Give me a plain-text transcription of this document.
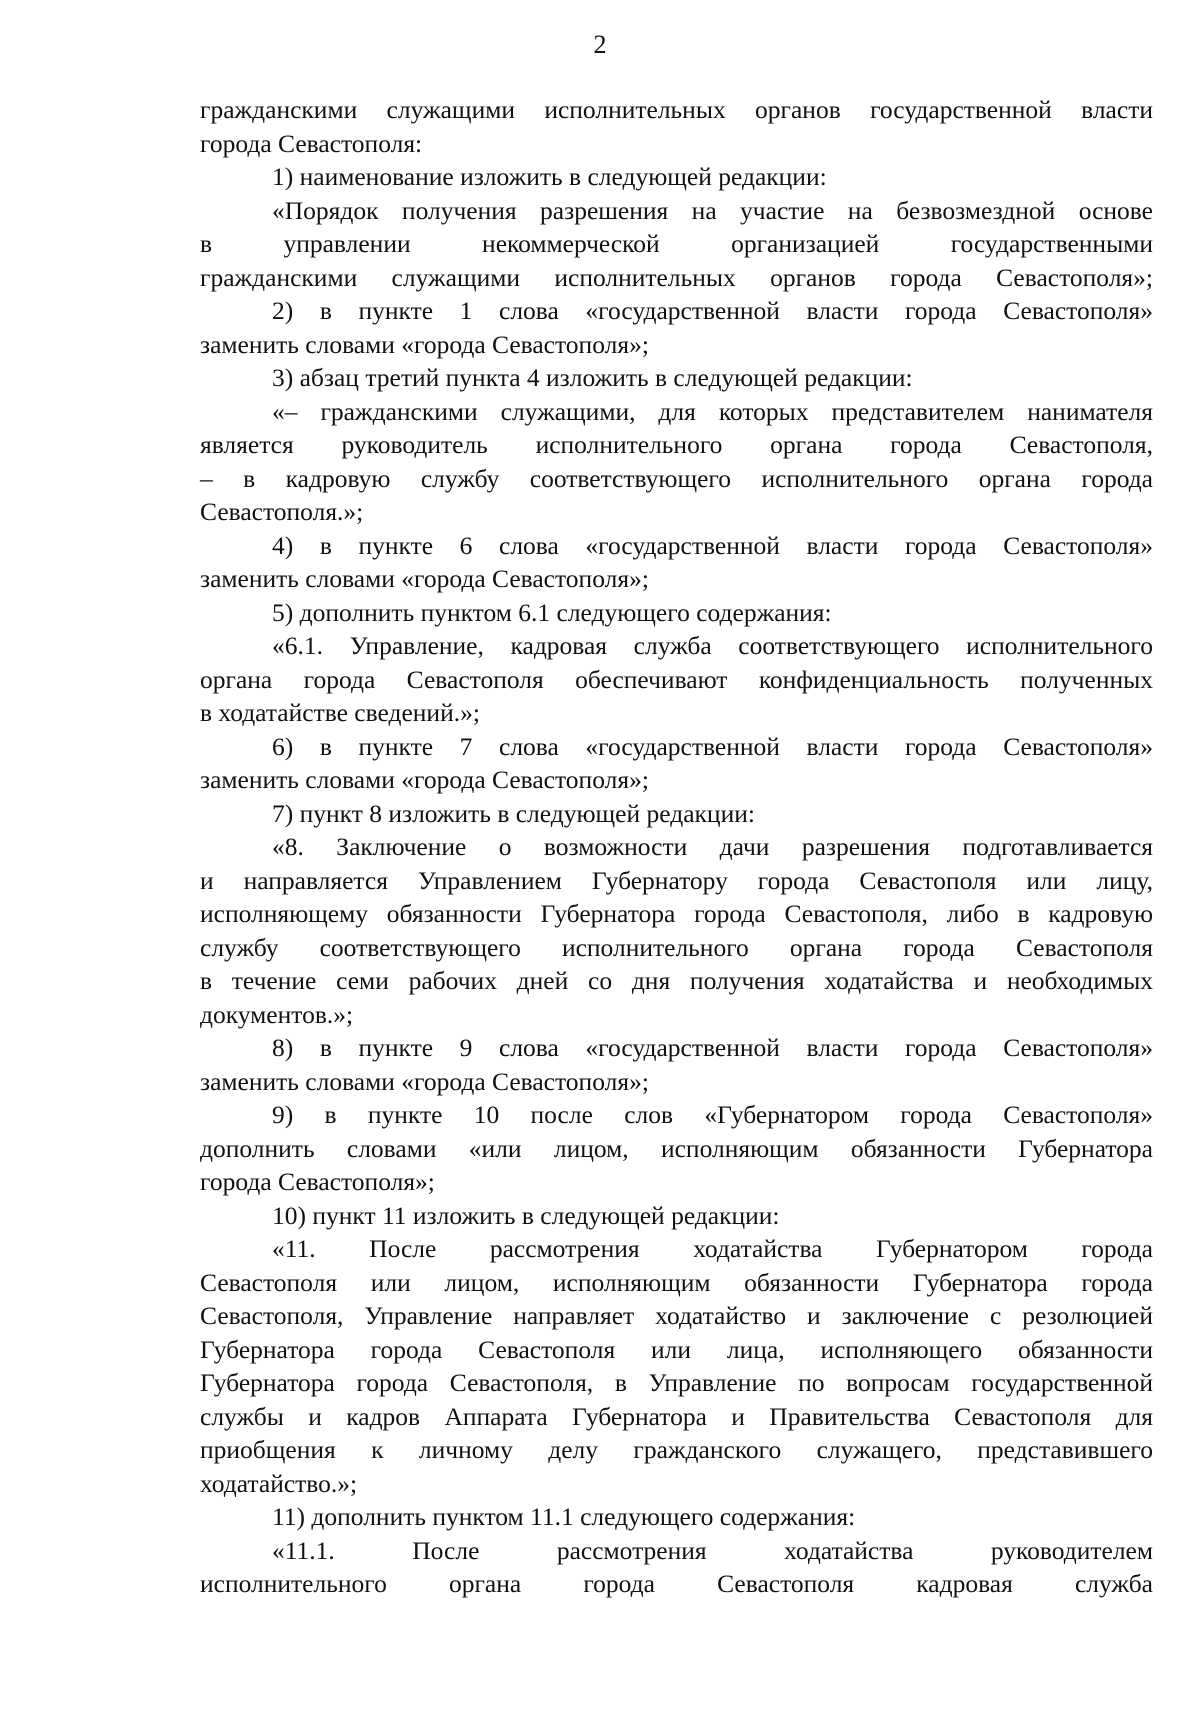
2
гражданскими служащими исполнительных органов государственной власти
города Севастополя:
1) наименование изложить в следующей редакции:
«Порядок получения разрешения на участие на безвозмездной основе
в управлении некоммерческой организацией государственными
гражданскими служащими исполнительных органов города Севастополя»;
2) в пункте 1 слова «государственной власти города Севастополя»
заменить словами «города Севастополя»;
3) абзац третий пункта 4 изложить в следующей редакции:
«– гражданскими служащими, для которых представителем нанимателя
является руководитель исполнительного органа города Севастополя,
– в кадровую службу соответствующего исполнительного органа города
Севастополя.»;
4) в пункте 6 слова «государственной власти города Севастополя»
заменить словами «города Севастополя»;
5) дополнить пунктом 6.1 следующего содержания:
«6.1. Управление, кадровая служба соответствующего исполнительного
органа города Севастополя обеспечивают конфиденциальность полученных
в ходатайстве сведений.»;
6) в пункте 7 слова «государственной власти города Севастополя»
заменить словами «города Севастополя»;
7) пункт 8 изложить в следующей редакции:
«8. Заключение о возможности дачи разрешения подготавливается
и направляется Управлением Губернатору города Севастополя или лицу,
исполняющему обязанности Губернатора города Севастополя, либо в кадровую
службу соответствующего исполнительного органа города Севастополя
в течение семи рабочих дней со дня получения ходатайства и необходимых
документов.»;
8) в пункте 9 слова «государственной власти города Севастополя»
заменить словами «города Севастополя»;
9) в пункте 10 после слов «Губернатором города Севастополя»
дополнить словами «или лицом, исполняющим обязанности Губернатора
города Севастополя»;
10) пункт 11 изложить в следующей редакции:
«11. После рассмотрения ходатайства Губернатором города
Севастополя или лицом, исполняющим обязанности Губернатора города
Севастополя, Управление направляет ходатайство и заключение с резолюцией
Губернатора города Севастополя или лица, исполняющего обязанности
Губернатора города Севастополя, в Управление по вопросам государственной
службы и кадров Аппарата Губернатора и Правительства Севастополя для
приобщения к личному делу гражданского служащего, представившего
ходатайство.»;
11) дополнить пунктом 11.1 следующего содержания:
«11.1. После рассмотрения ходатайства руководителем
исполнительного органа города Севастополя кадровая служба
